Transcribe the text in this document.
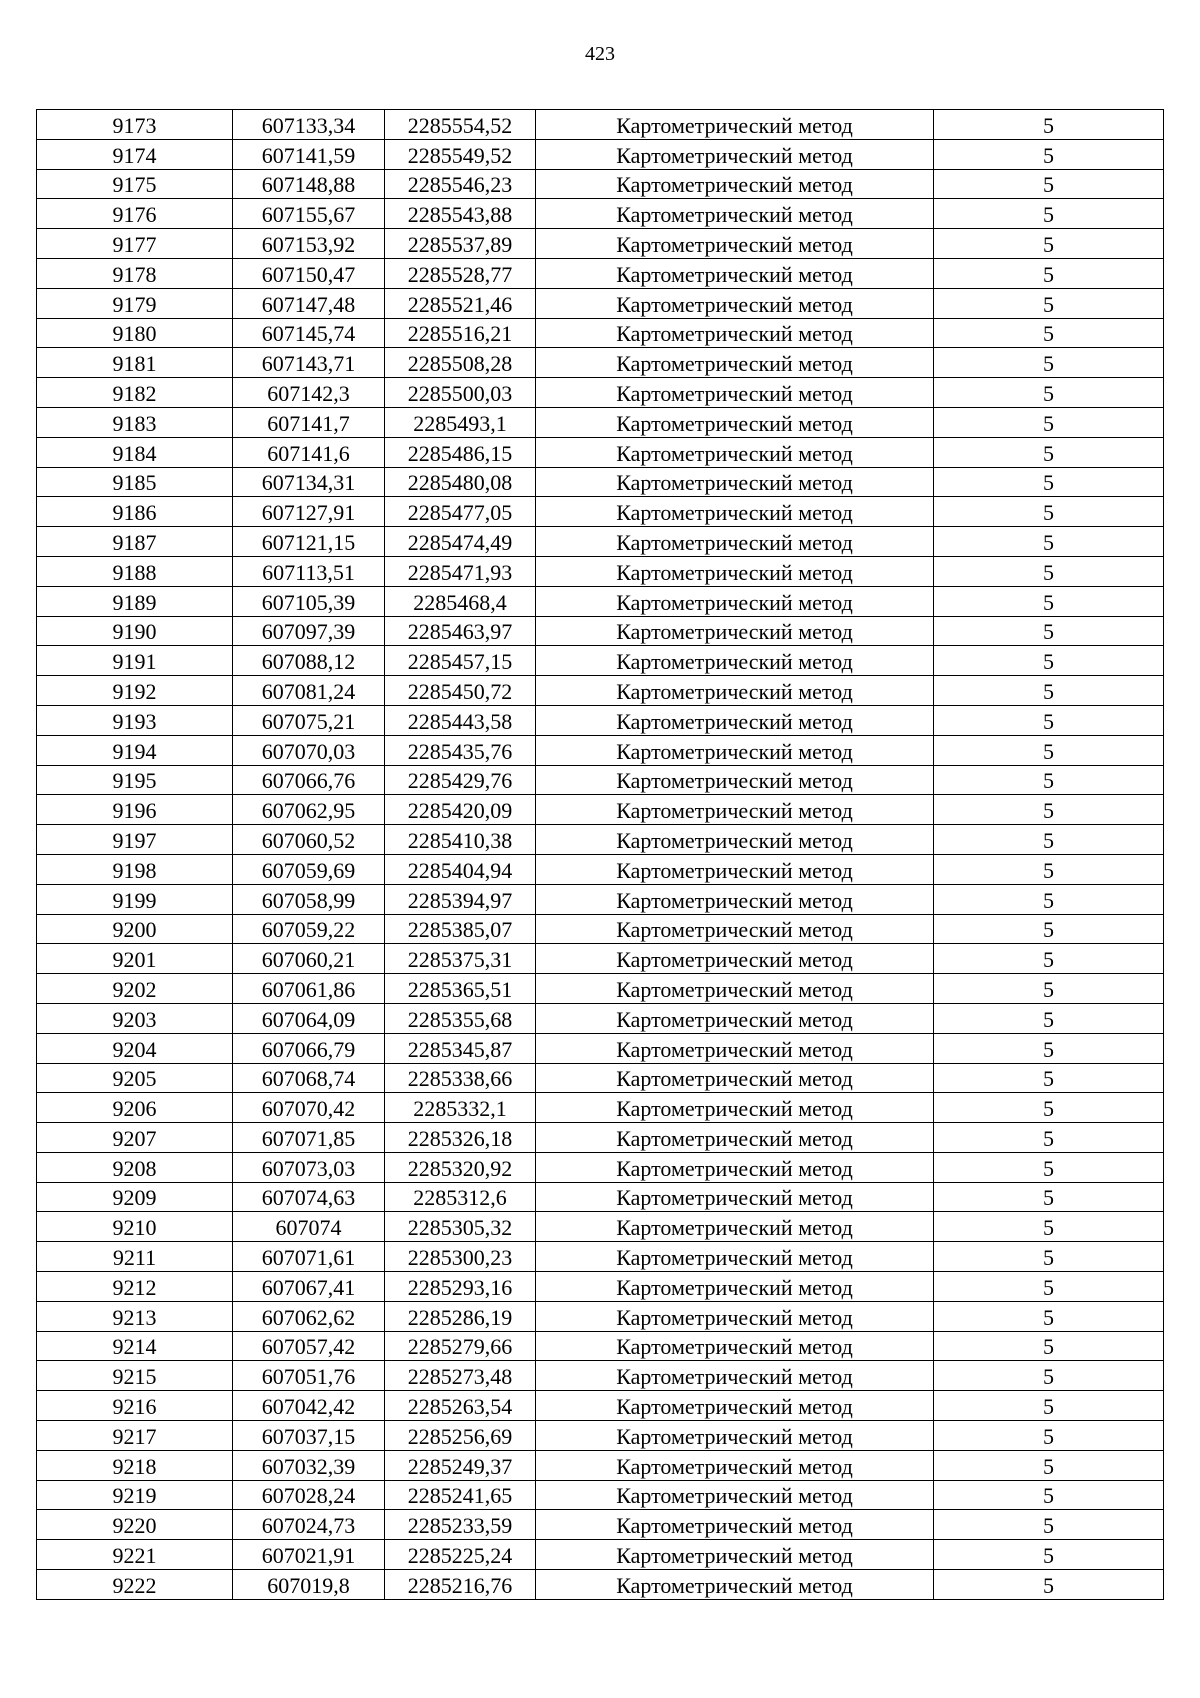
423
9173	607133,34	2285554,52	Картометрический метод	5
9174	607141,59	2285549,52	Картометрический метод	5
9175	607148,88	2285546,23	Картометрический метод	5
9176	607155,67	2285543,88	Картометрический метод	5
9177	607153,92	2285537,89	Картометрический метод	5
9178	607150,47	2285528,77	Картометрический метод	5
9179	607147,48	2285521,46	Картометрический метод	5
9180	607145,74	2285516,21	Картометрический метод	5
9181	607143,71	2285508,28	Картометрический метод	5
9182	607142,3	2285500,03	Картометрический метод	5
9183	607141,7	2285493,1	Картометрический метод	5
9184	607141,6	2285486,15	Картометрический метод	5
9185	607134,31	2285480,08	Картометрический метод	5
9186	607127,91	2285477,05	Картометрический метод	5
9187	607121,15	2285474,49	Картометрический метод	5
9188	607113,51	2285471,93	Картометрический метод	5
9189	607105,39	2285468,4	Картометрический метод	5
9190	607097,39	2285463,97	Картометрический метод	5
9191	607088,12	2285457,15	Картометрический метод	5
9192	607081,24	2285450,72	Картометрический метод	5
9193	607075,21	2285443,58	Картометрический метод	5
9194	607070,03	2285435,76	Картометрический метод	5
9195	607066,76	2285429,76	Картометрический метод	5
9196	607062,95	2285420,09	Картометрический метод	5
9197	607060,52	2285410,38	Картометрический метод	5
9198	607059,69	2285404,94	Картометрический метод	5
9199	607058,99	2285394,97	Картометрический метод	5
9200	607059,22	2285385,07	Картометрический метод	5
9201	607060,21	2285375,31	Картометрический метод	5
9202	607061,86	2285365,51	Картометрический метод	5
9203	607064,09	2285355,68	Картометрический метод	5
9204	607066,79	2285345,87	Картометрический метод	5
9205	607068,74	2285338,66	Картометрический метод	5
9206	607070,42	2285332,1	Картометрический метод	5
9207	607071,85	2285326,18	Картометрический метод	5
9208	607073,03	2285320,92	Картометрический метод	5
9209	607074,63	2285312,6	Картометрический метод	5
9210	607074	2285305,32	Картометрический метод	5
9211	607071,61	2285300,23	Картометрический метод	5
9212	607067,41	2285293,16	Картометрический метод	5
9213	607062,62	2285286,19	Картометрический метод	5
9214	607057,42	2285279,66	Картометрический метод	5
9215	607051,76	2285273,48	Картометрический метод	5
9216	607042,42	2285263,54	Картометрический метод	5
9217	607037,15	2285256,69	Картометрический метод	5
9218	607032,39	2285249,37	Картометрический метод	5
9219	607028,24	2285241,65	Картометрический метод	5
9220	607024,73	2285233,59	Картометрический метод	5
9221	607021,91	2285225,24	Картометрический метод	5
9222	607019,8	2285216,76	Картометрический метод	5
